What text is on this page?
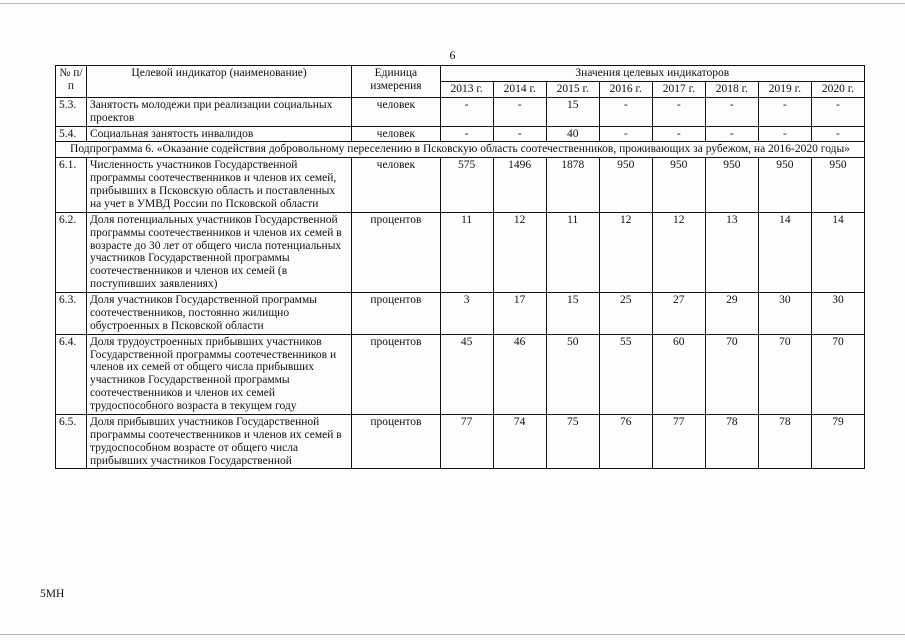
6
№ п/п	Целевой индикатор (наименование)	Единица измерения	Значения целевых индикаторов							
			2013 г.	2014 г.	2015 г.	2016 г.	2017 г.	2018 г.	2019 г.	2020 г.
5.3.	Занятость молодежи при реализации социальных проектов	человек	-	-	15	-	-	-	-	-
5.4.	Социальная занятость инвалидов	человек	-	-	40	-	-	-	-	-
Подпрограмма 6. «Оказание содействия добровольному переселению в Псковскую область соотечественников, проживающих за рубежом, на 2016-2020 годы»										
6.1.	Численность участников Государственной программы соотечественников и членов их семей, прибывших в Псковскую область и поставленных на учет в УМВД России по Псковской области	человек	575	1496	1878	950	950	950	950	950
6.2.	Доля потенциальных участников Государственной программы соотечественников и членов их семей в возрасте до 30 лет от общего числа потенциальных участников Государственной программы соотечественников и членов их семей (в поступивших заявлениях)	процентов	11	12	11	12	12	13	14	14
6.3.	Доля участников Государственной программы соотечественников, постоянно жилищно обустроенных в Псковской области	процентов	3	17	15	25	27	29	30	30
6.4.	Доля трудоустроенных прибывших участников Государственной программы соотечественников и членов их семей от общего числа прибывших участников Государственной программы соотечественников и членов их семей трудоспособного возраста в текущем году	процентов	45	46	50	55	60	70	70	70
6.5.	Доля прибывших участников Государственной программы соотечественников и членов их семей в трудоспособном возрасте от общего числа прибывших участников Государственной	процентов	77	74	75	76	77	78	78	79
5МН
